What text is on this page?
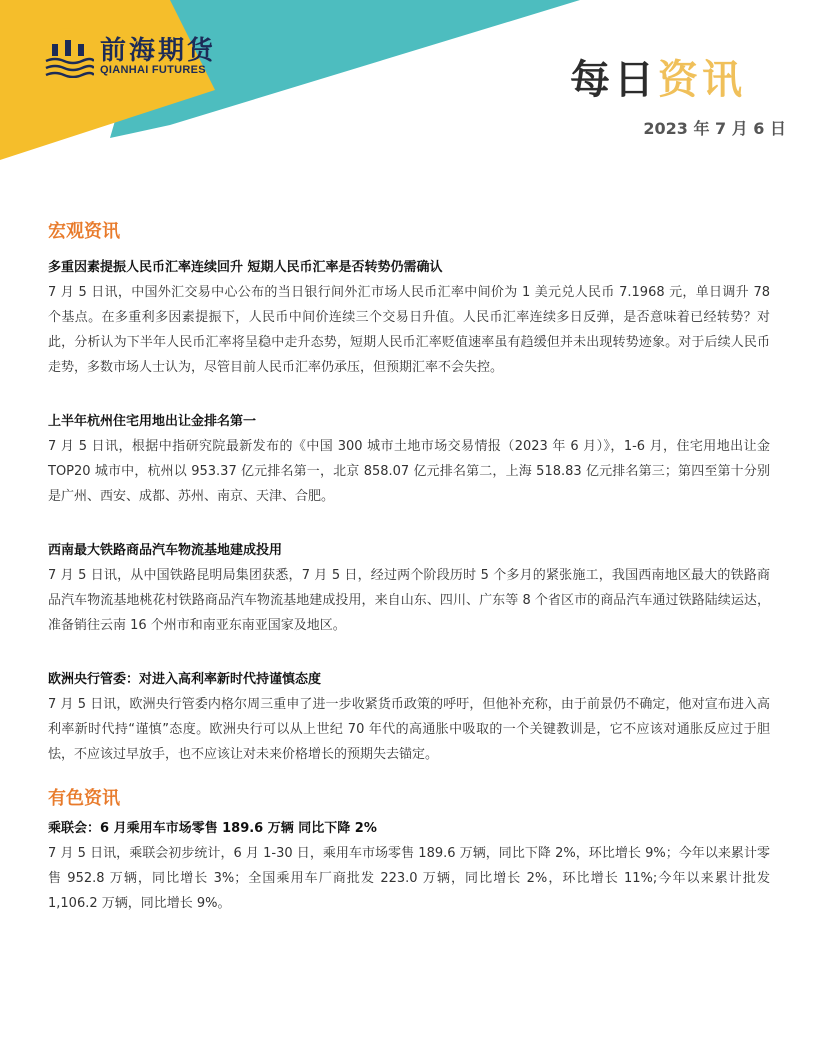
前海期货
QIANHAI FUTURES	每日资讯
2023 年 7 月 6 日
宏观资讯
多重因素提振人民币汇率连续回升 短期人民币汇率是否转势仍需确认
7 月 5 日讯，中国外汇交易中心公布的当日银行间外汇市场人民币汇率中间价为 1 美元兑人民币 7.1968 元，单日调升 78 个基点。在多重利多因素提振下，人民币中间价连续三个交易日升值。人民币汇率连续多日反弹，是否意味着已经转势？对此，分析认为下半年人民币汇率将呈稳中走升态势，短期人民币汇率贬值速率虽有趋缓但并未出现转势迹象。对于后续人民币走势，多数市场人士认为，尽管目前人民币汇率仍承压，但预期汇率不会失控。
上半年杭州住宅用地出让金排名第一
7 月 5 日讯，根据中指研究院最新发布的《中国 300 城市土地市场交易情报（2023 年 6 月）》，1-6 月，住宅用地出让金 TOP20 城市中，杭州以 953.37 亿元排名第一，北京 858.07 亿元排名第二，上海 518.83 亿元排名第三；第四至第十分别是广州、西安、成都、苏州、南京、天津、合肥。
西南最大铁路商品汽车物流基地建成投用
7 月 5 日讯，从中国铁路昆明局集团获悉，7 月 5 日，经过两个阶段历时 5 个多月的紧张施工，我国西南地区最大的铁路商品汽车物流基地桃花村铁路商品汽车物流基地建成投用，来自山东、四川、广东等 8 个省区市的商品汽车通过铁路陆续运达，准备销往云南 16 个州市和南亚东南亚国家及地区。
欧洲央行管委：对进入高利率新时代持谨慎态度
7 月 5 日讯，欧洲央行管委内格尔周三重申了进一步收紧货币政策的呼吁，但他补充称，由于前景仍不确定，他对宣布进入高利率新时代持“谨慎”态度。欧洲央行可以从上世纪 70 年代的高通胀中吸取的一个关键教训是，它不应该对通胀反应过于胆怯，不应该过早放手，也不应该让对未来价格增长的预期失去锚定。
有色资讯
乘联会：6 月乘用车市场零售 189.6 万辆 同比下降 2%
7 月 5 日讯，乘联会初步统计，6 月 1-30 日，乘用车市场零售 189.6 万辆，同比下降 2%，环比增长 9%；今年以来累计零售 952.8 万辆，同比增长 3%；全国乘用车厂商批发 223.0 万辆，同比增长 2%，环比增长 11%;今年以来累计批发 1,106.2 万辆，同比增长 9%。
